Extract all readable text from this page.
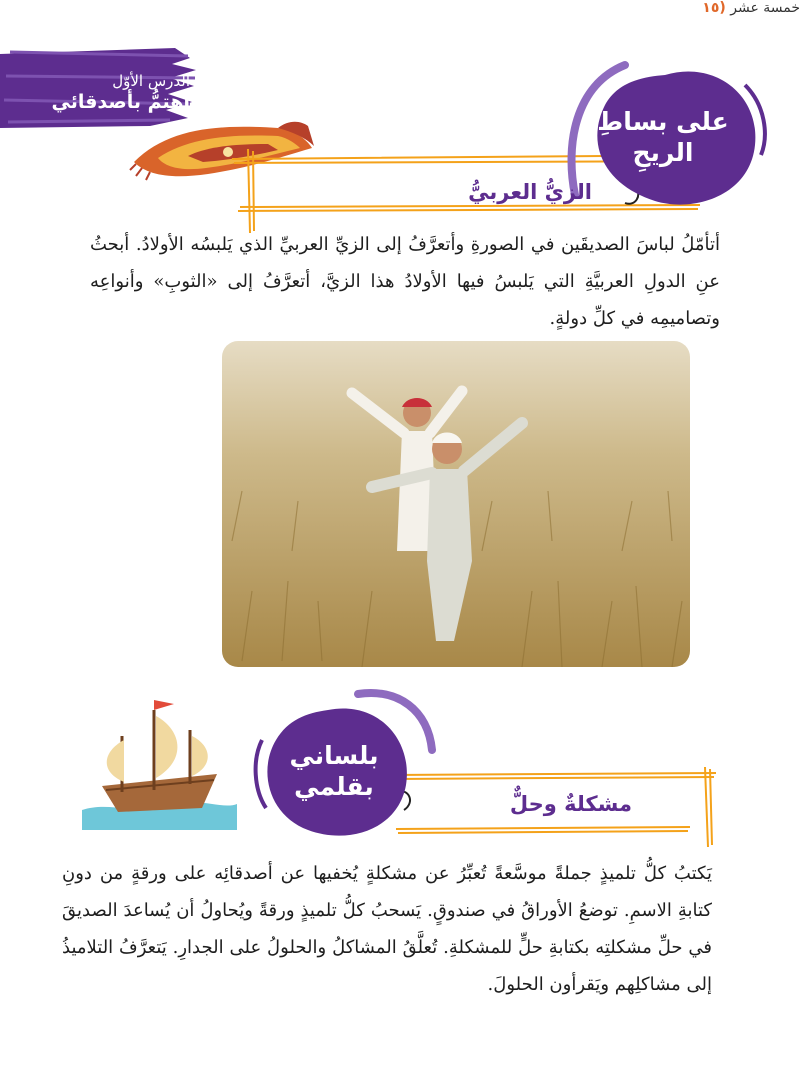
الدرس الأوّل
أهتمُّ بأصدقائي
على بساطِ
الريحِ
الزيُّ العربيُّ
أتأمّلُ لباسَ الصديقَين في الصورةِ وأتعرَّفُ إلى الزيِّ العربيِّ الذي يَلبسُه الأولادُ. أبحثُ عنِ الدولِ العربيَّةِ التي يَلبسُ فيها الأولادُ هذا الزيَّ، أتعرَّفُ إلى «الثوبِ» وأنواعِه وتصاميمِه في كلِّ دولةٍ.
بلساني
بقلمي
مشكلةٌ وحلٌّ
يَكتبُ كلُّ تلميذٍ جملةً موسَّعةً تُعبِّرُ عن مشكلةٍ يُخفيها عن أصدقائِه على ورقةٍ من دونِ كتابةِ الاسمِ. توضعُ الأوراقُ في صندوقٍ. يَسحبُ كلُّ تلميذٍ ورقةً ويُحاولُ أن يُساعدَ الصديقَ في حلِّ مشكلتِه بكتابةِ حلٍّ للمشكلةِ. تُعلَّقُ المشاكلُ والحلولُ على الجدارِ. يَتعرَّفُ التلاميذُ إلى مشاكلِهم ويَقرأون الحلولَ.
خمسة عشر (١٥
